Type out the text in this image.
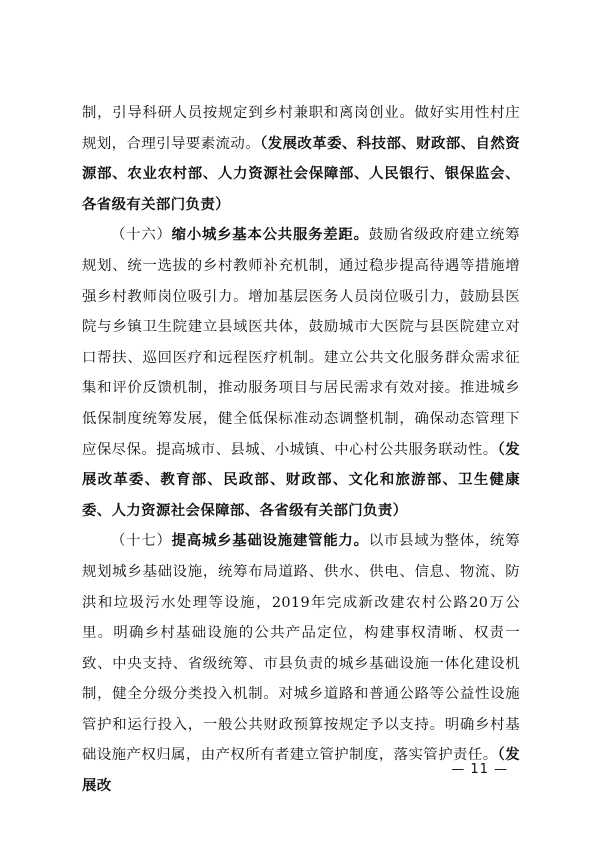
制，引导科研人员按规定到乡村兼职和离岗创业。做好实用性村庄规划，合理引导要素流动。（发展改革委、科技部、财政部、自然资源部、农业农村部、人力资源社会保障部、人民银行、银保监会、各省级有关部门负责）

（十六）缩小城乡基本公共服务差距。鼓励省级政府建立统筹规划、统一选拔的乡村教师补充机制，通过稳步提高待遇等措施增强乡村教师岗位吸引力。增加基层医务人员岗位吸引力，鼓励县医院与乡镇卫生院建立县域医共体，鼓励城市大医院与县医院建立对口帮扶、巡回医疗和远程医疗机制。建立公共文化服务群众需求征集和评价反馈机制，推动服务项目与居民需求有效对接。推进城乡低保制度统筹发展，健全低保标准动态调整机制，确保动态管理下应保尽保。提高城市、县城、小城镇、中心村公共服务联动性。（发展改革委、教育部、民政部、财政部、文化和旅游部、卫生健康委、人力资源社会保障部、各省级有关部门负责）

（十七）提高城乡基础设施建管能力。以市县域为整体，统筹规划城乡基础设施，统筹布局道路、供水、供电、信息、物流、防洪和垃圾污水处理等设施，2019年完成新改建农村公路20万公里。明确乡村基础设施的公共产品定位，构建事权清晰、权责一致、中央支持、省级统筹、市县负责的城乡基础设施一体化建设机制，健全分级分类投入机制。对城乡道路和普通公路等公益性设施管护和运行投入，一般公共财政预算按规定予以支持。明确乡村基础设施产权归属，由产权所有者建立管护制度，落实管护责任。（发展改

— 11 —
